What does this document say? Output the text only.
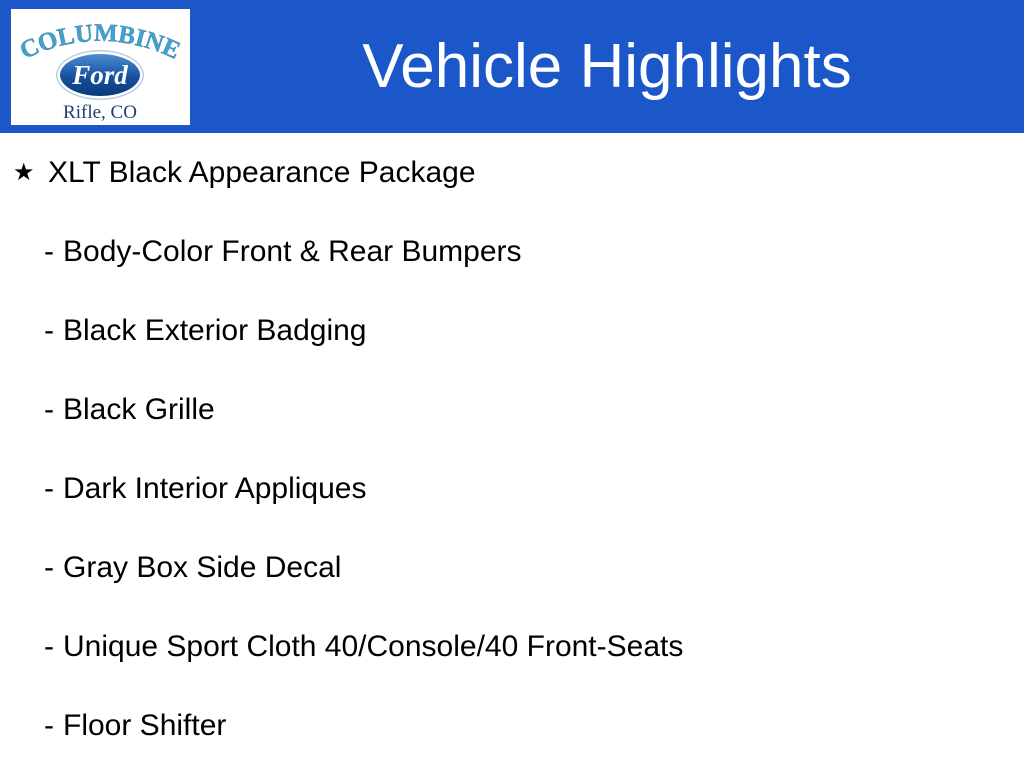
COLUMBINE
Ford
Rifle, CO
Vehicle Highlights
★ XLT Black Appearance Package
- Body-Color Front & Rear Bumpers
- Black Exterior Badging
- Black Grille
- Dark Interior Appliques
- Gray Box Side Decal
- Unique Sport Cloth 40/Console/40 Front-Seats
- Floor Shifter
